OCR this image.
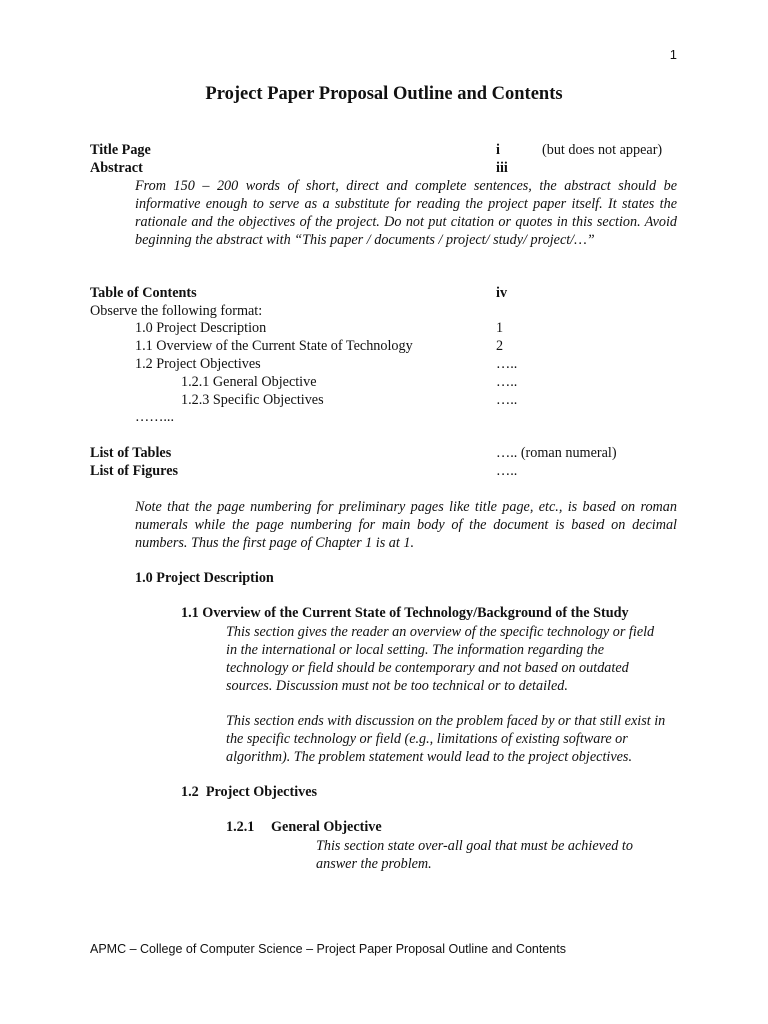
1
Project Paper Proposal Outline and Contents
Title Page	i	(but does not appear)
Abstract	iii
From 150 – 200 words of short, direct and complete sentences, the abstract should be informative enough to serve as a substitute for reading the project paper itself. It states the rationale and the objectives of the project. Do not put citation or quotes in this section. Avoid beginning the abstract with “This paper / documents / project/ study/ project/…”
Table of Contents	iv
Observe the following format:
1.0 Project Description	1
1.1 Overview of the Current State of Technology	2
1.2 Project Objectives	…..
1.2.1 General Objective	…..
1.2.3 Specific Objectives	…..
……...
List of Tables	….. (roman numeral)
List of Figures	…..
Note that the page numbering for preliminary pages like title page, etc., is based on roman numerals while the page numbering for main body of the document is based on decimal numbers. Thus the first page of Chapter 1 is at 1.
1.0 Project Description
1.1 Overview of the Current State of Technology/Background of the Study
This section gives the reader an overview of the specific technology or field in the international or local setting. The information regarding the technology or field should be contemporary and not based on outdated sources. Discussion must not be too technical or to detailed.
This section ends with discussion on the problem faced by or that still exist in the specific technology or field (e.g., limitations of existing software or algorithm). The problem statement would lead to the project objectives.
1.2  Project Objectives
1.2.1 General Objective
This section state over-all goal that must be achieved to answer the problem.
APMC – College of Computer Science – Project Paper Proposal Outline and Contents
